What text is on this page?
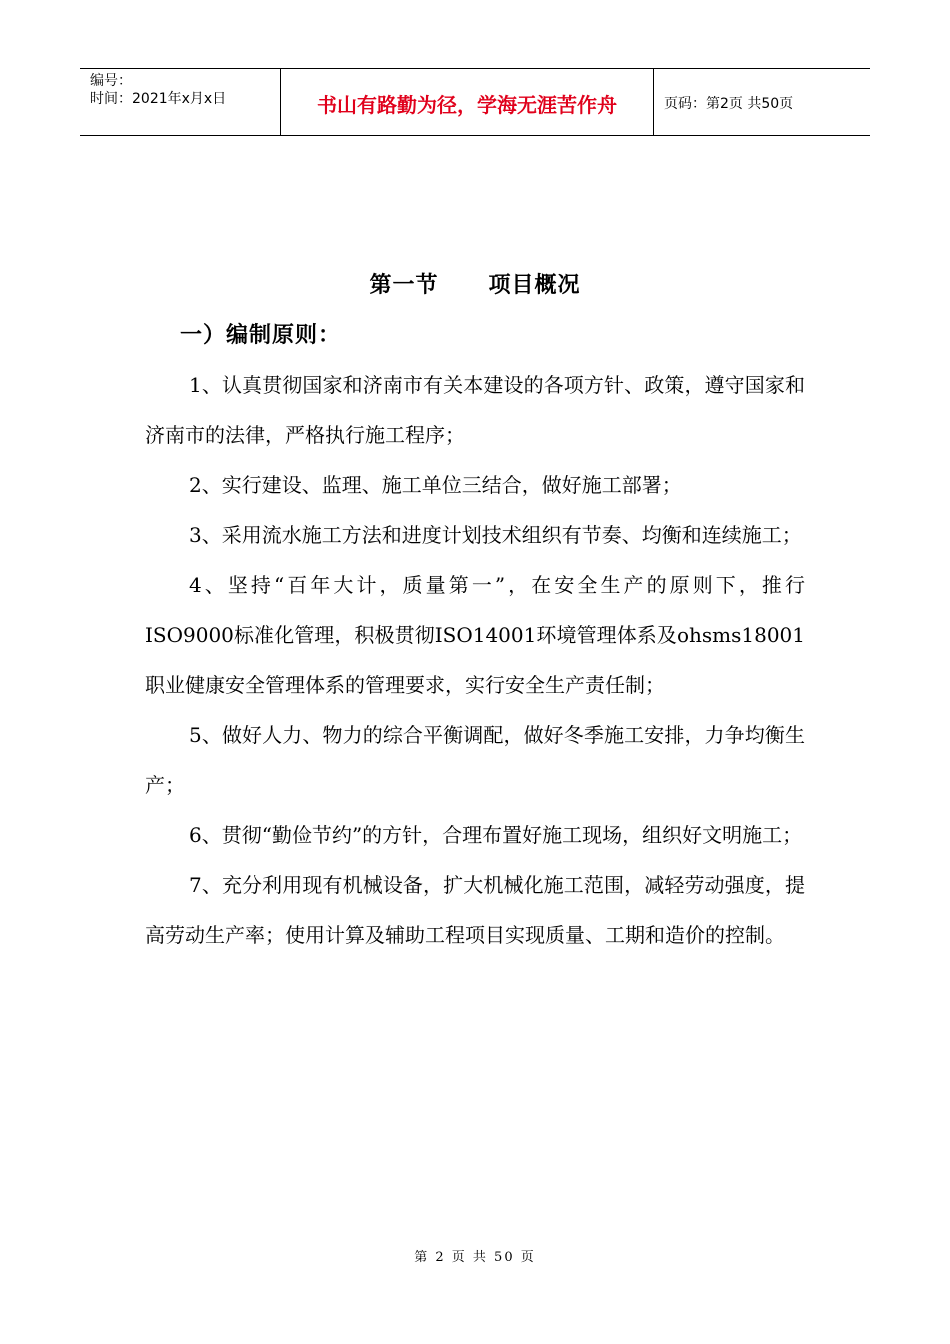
编号：
时间：2021年x月x日	书山有路勤为径，学海无涯苦作舟	页码：第2页 共50页
第一节 项目概况
一）编制原则：

1、认真贯彻国家和济南市有关本建设的各项方针、政策，遵守国家和济南市的法律，严格执行施工程序；

2、实行建设、监理、施工单位三结合，做好施工部署；

3、采用流水施工方法和进度计划技术组织有节奏、均衡和连续施工；

4、坚持“百年大计，质量第一”，在安全生产的原则下，推行ISO9000标准化管理，积极贯彻ISO14001环境管理体系及ohsms18001职业健康安全管理体系的管理要求，实行安全生产责任制；

5、做好人力、物力的综合平衡调配，做好冬季施工安排，力争均衡生产；

6、贯彻“勤俭节约”的方针，合理布置好施工现场，组织好文明施工；

7、充分利用现有机械设备，扩大机械化施工范围，减轻劳动强度，提高劳动生产率；使用计算及辅助工程项目实现质量、工期和造价的控制。

第 2 页 共 50 页
